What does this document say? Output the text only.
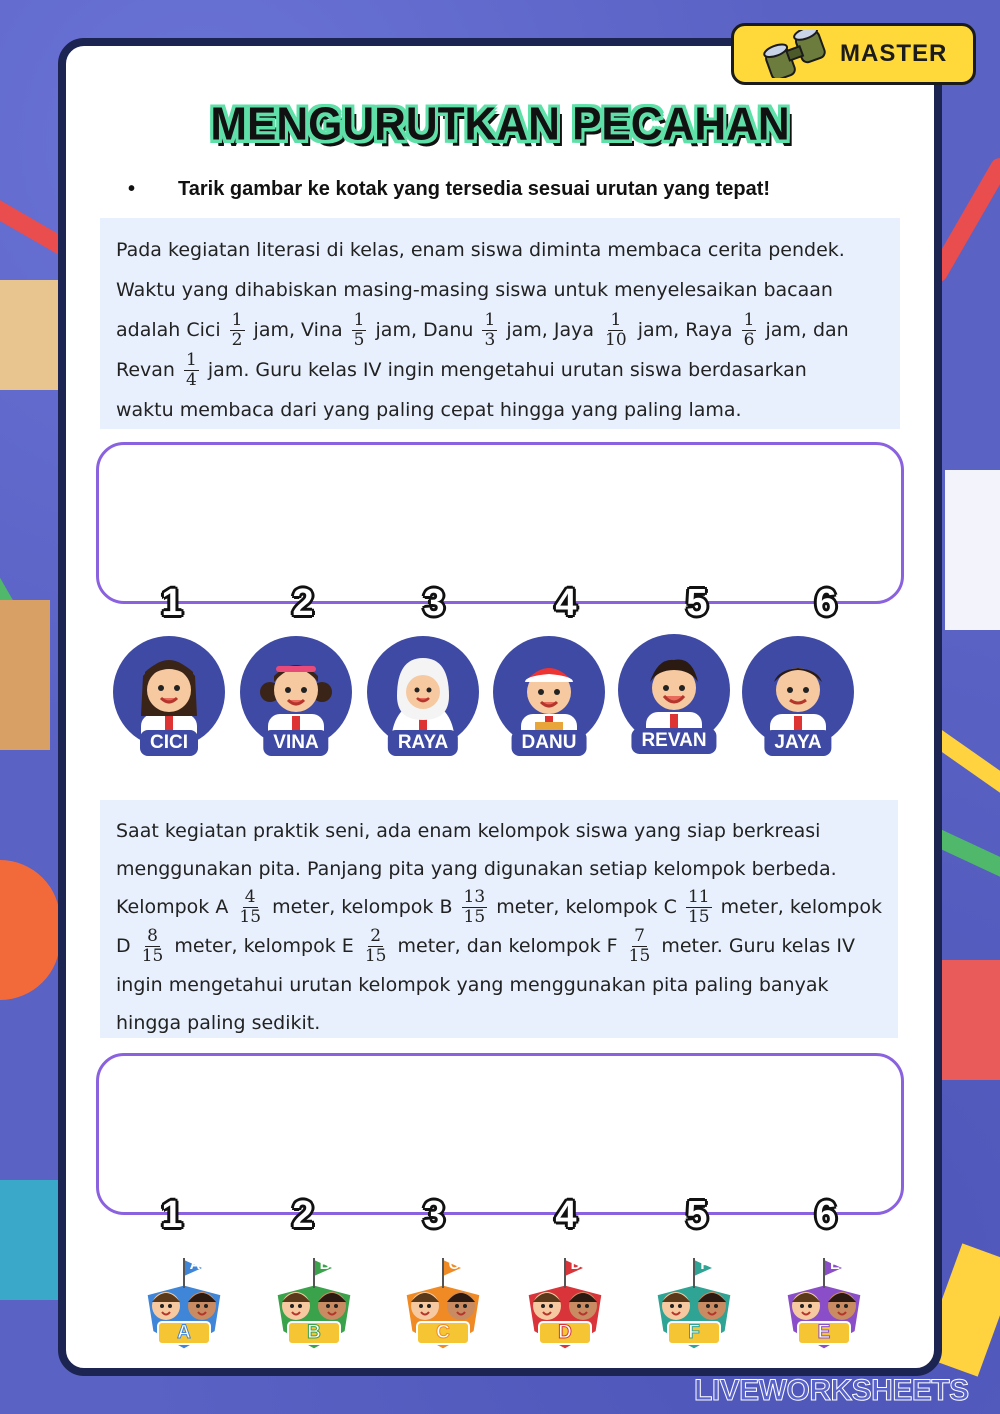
MASTER
MENGURUTKAN PECAHAN
• Tarik gambar ke kotak yang tersedia sesuai urutan yang tepat!
Pada kegiatan literasi di kelas, enam siswa diminta membaca cerita pendek.
Waktu yang dihabiskan masing-masing siswa untuk menyelesaikan bacaan
adalah Cici $\frac{1}{2}$ jam, Vina $\frac{1}{5}$ jam, Danu $\frac{1}{3}$ jam, Jaya $\frac{1}{10}$ jam, Raya $\frac{1}{6}$ jam, dan
Revan $\frac{1}{4}$ jam. Guru kelas IV ingin mengetahui urutan siswa berdasarkan
waktu membaca dari yang paling cepat hingga yang paling lama.
1	2	3	4	5	6
CICI	VINA	RAYA	DANU	REVAN	JAYA
Saat kegiatan praktik seni, ada enam kelompok siswa yang siap berkreasi
menggunakan pita. Panjang pita yang digunakan setiap kelompok berbeda.
Kelompok A $\frac{4}{15}$ meter, kelompok B $\frac{13}{15}$ meter, kelompok C $\frac{11}{15}$ meter, kelompok
D $\frac{8}{15}$ meter, kelompok E $\frac{2}{15}$ meter, dan kelompok F $\frac{7}{15}$ meter. Guru kelas IV
ingin mengetahui urutan kelompok yang menggunakan pita paling banyak
hingga paling sedikit.
1	2	3	4	5	6
A
A
B
B
C
C
D
D
F
F
E
E
LIVEWORKSHEETS
